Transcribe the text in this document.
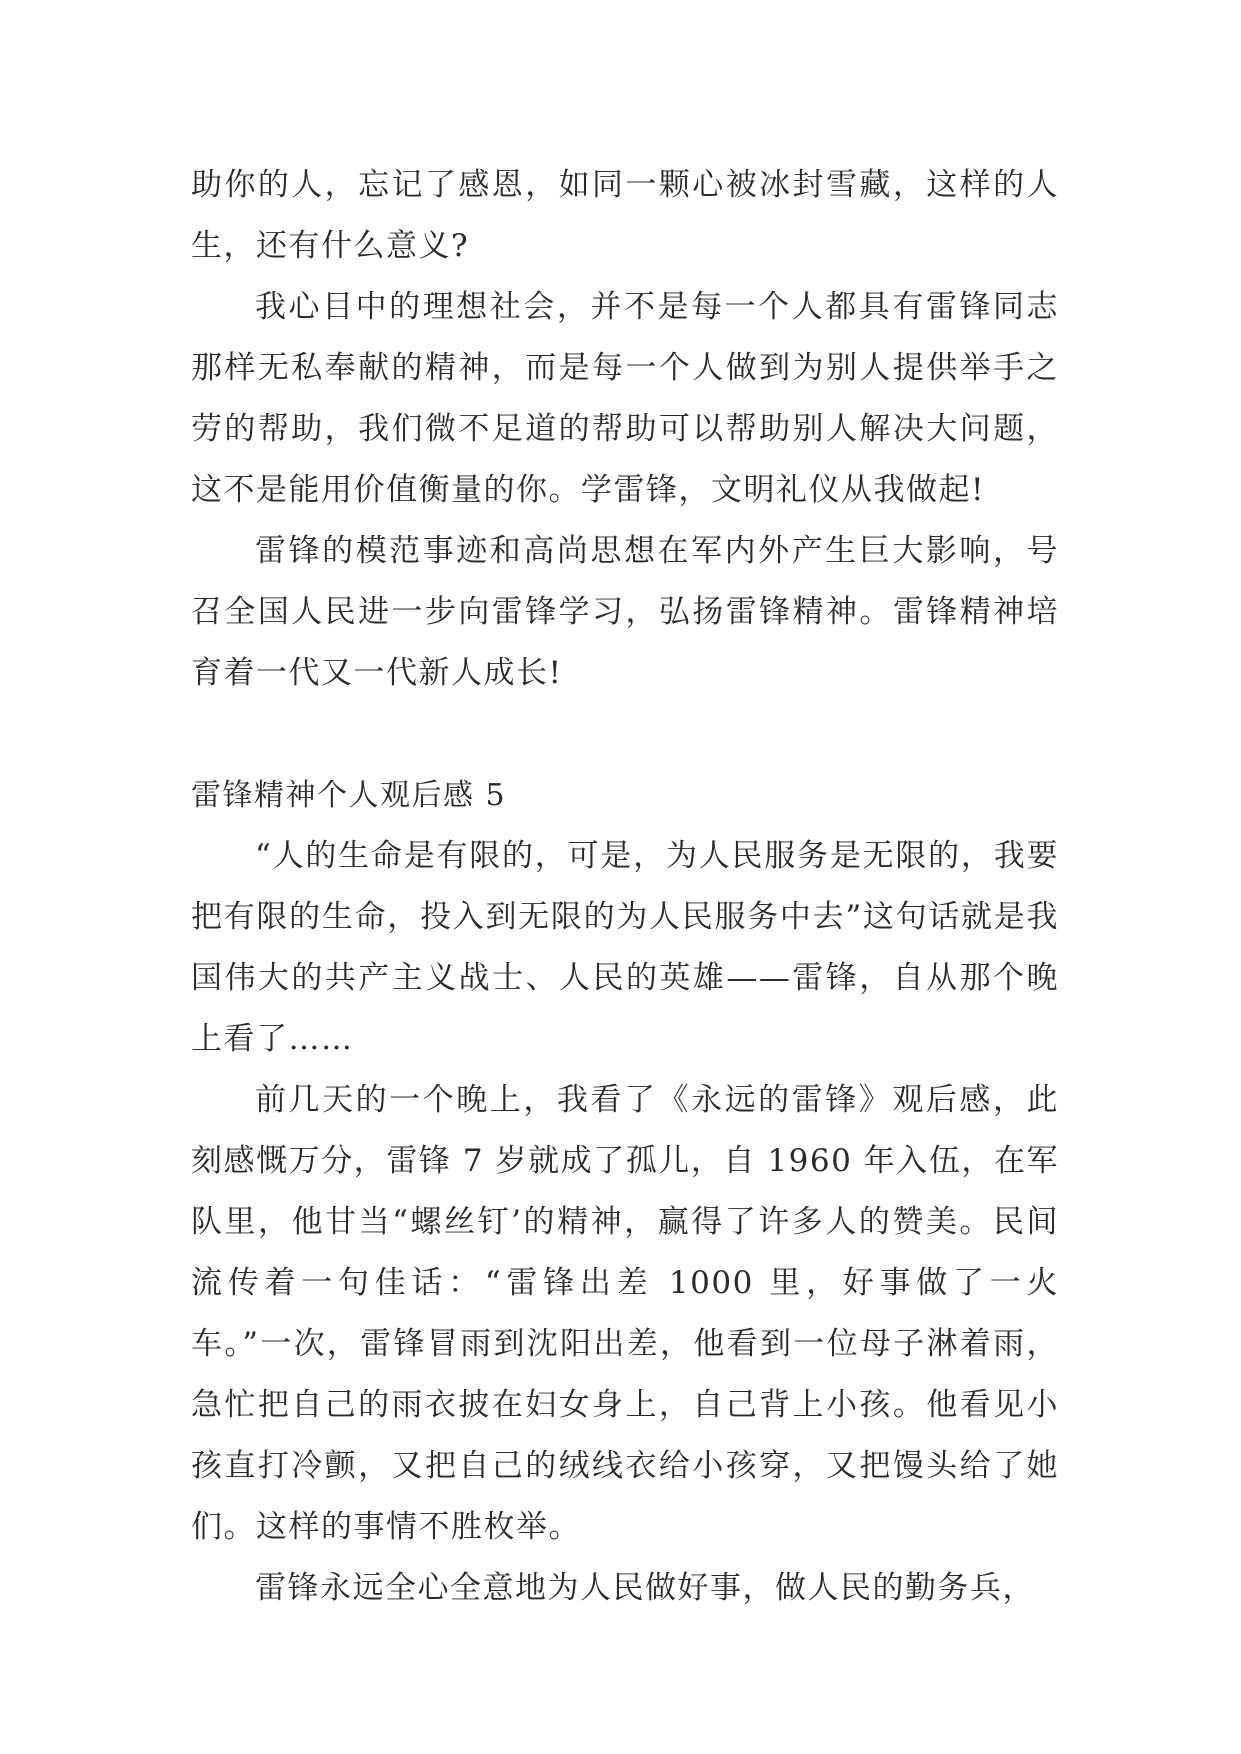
助你的人，忘记了感恩，如同一颗心被冰封雪藏，这样的人生，还有什么意义?

我心目中的理想社会，并不是每一个人都具有雷锋同志那样无私奉献的精神，而是每一个人做到为别人提供举手之劳的帮助，我们微不足道的帮助可以帮助别人解决大问题，这不是能用价值衡量的你。学雷锋，文明礼仪从我做起!

雷锋的模范事迹和高尚思想在军内外产生巨大影响，号召全国人民进一步向雷锋学习，弘扬雷锋精神。雷锋精神培育着一代又一代新人成长!

雷锋精神个人观后感 5

“人的生命是有限的，可是，为人民服务是无限的，我要把有限的生命，投入到无限的为人民服务中去”这句话就是我国伟大的共产主义战士、人民的英雄——雷锋，自从那个晚上看了……

前几天的一个晚上，我看了《永远的雷锋》观后感，此刻感慨万分，雷锋 7 岁就成了孤儿，自 1960 年入伍，在军队里，他甘当“螺丝钉’的精神，赢得了许多人的赞美。民间流传着一句佳话：“雷锋出差 1000 里，好事做了一火车。”一次，雷锋冒雨到沈阳出差，他看到一位母子淋着雨，急忙把自己的雨衣披在妇女身上，自己背上小孩。他看见小孩直打冷颤，又把自己的绒线衣给小孩穿，又把馒头给了她们。这样的事情不胜枚举。

雷锋永远全心全意地为人民做好事，做人民的勤务兵，
